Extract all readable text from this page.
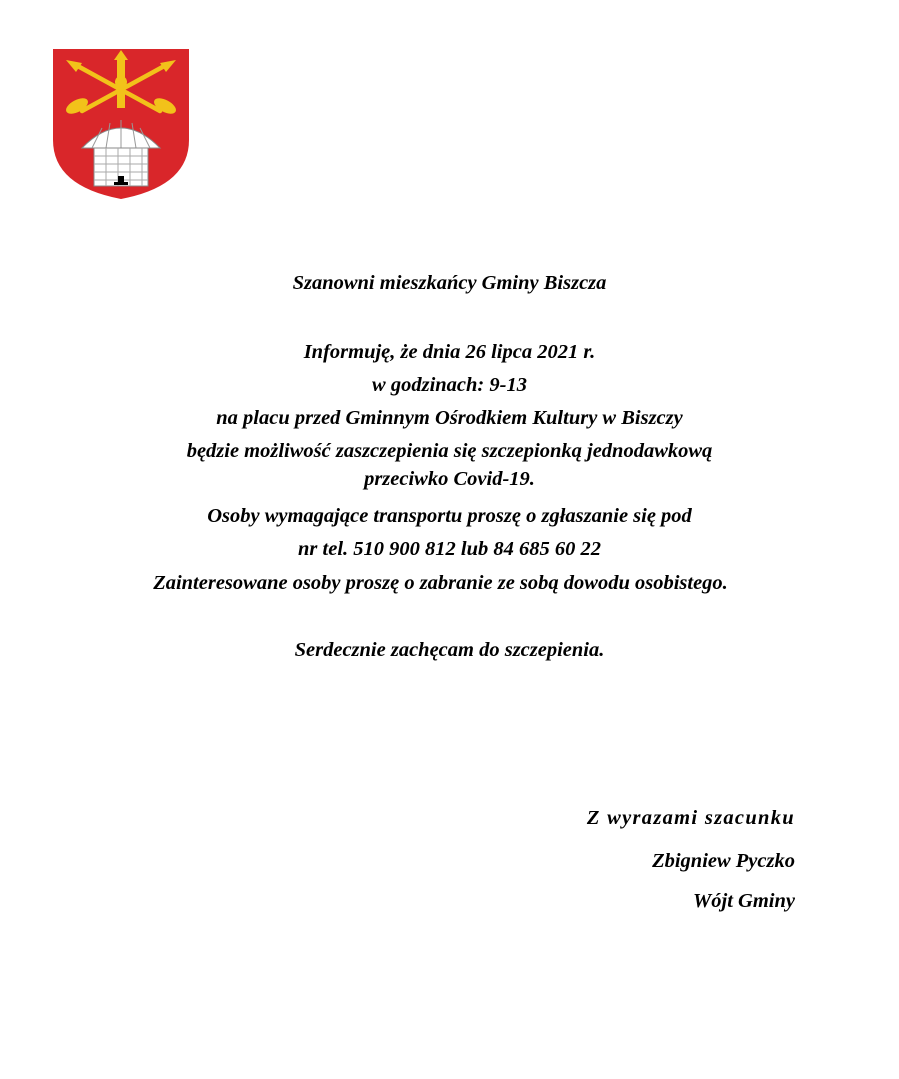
Szanowni mieszkańcy Gminy Biszcza
Informuję, że dnia 26 lipca 2021 r.
w godzinach: 9-13
na placu przed Gminnym Ośrodkiem Kultury w Biszczy
będzie możliwość zaszczepienia się szczepionką jednodawkową
przeciwko Covid-19.
Osoby wymagające transportu proszę o zgłaszanie się pod
nr tel. 510 900 812 lub 84 685 60 22
Zainteresowane osoby proszę o zabranie ze sobą dowodu osobistego.
Serdecznie zachęcam do szczepienia.
Z wyrazami szacunku
Zbigniew Pyczko
Wójt Gminy
